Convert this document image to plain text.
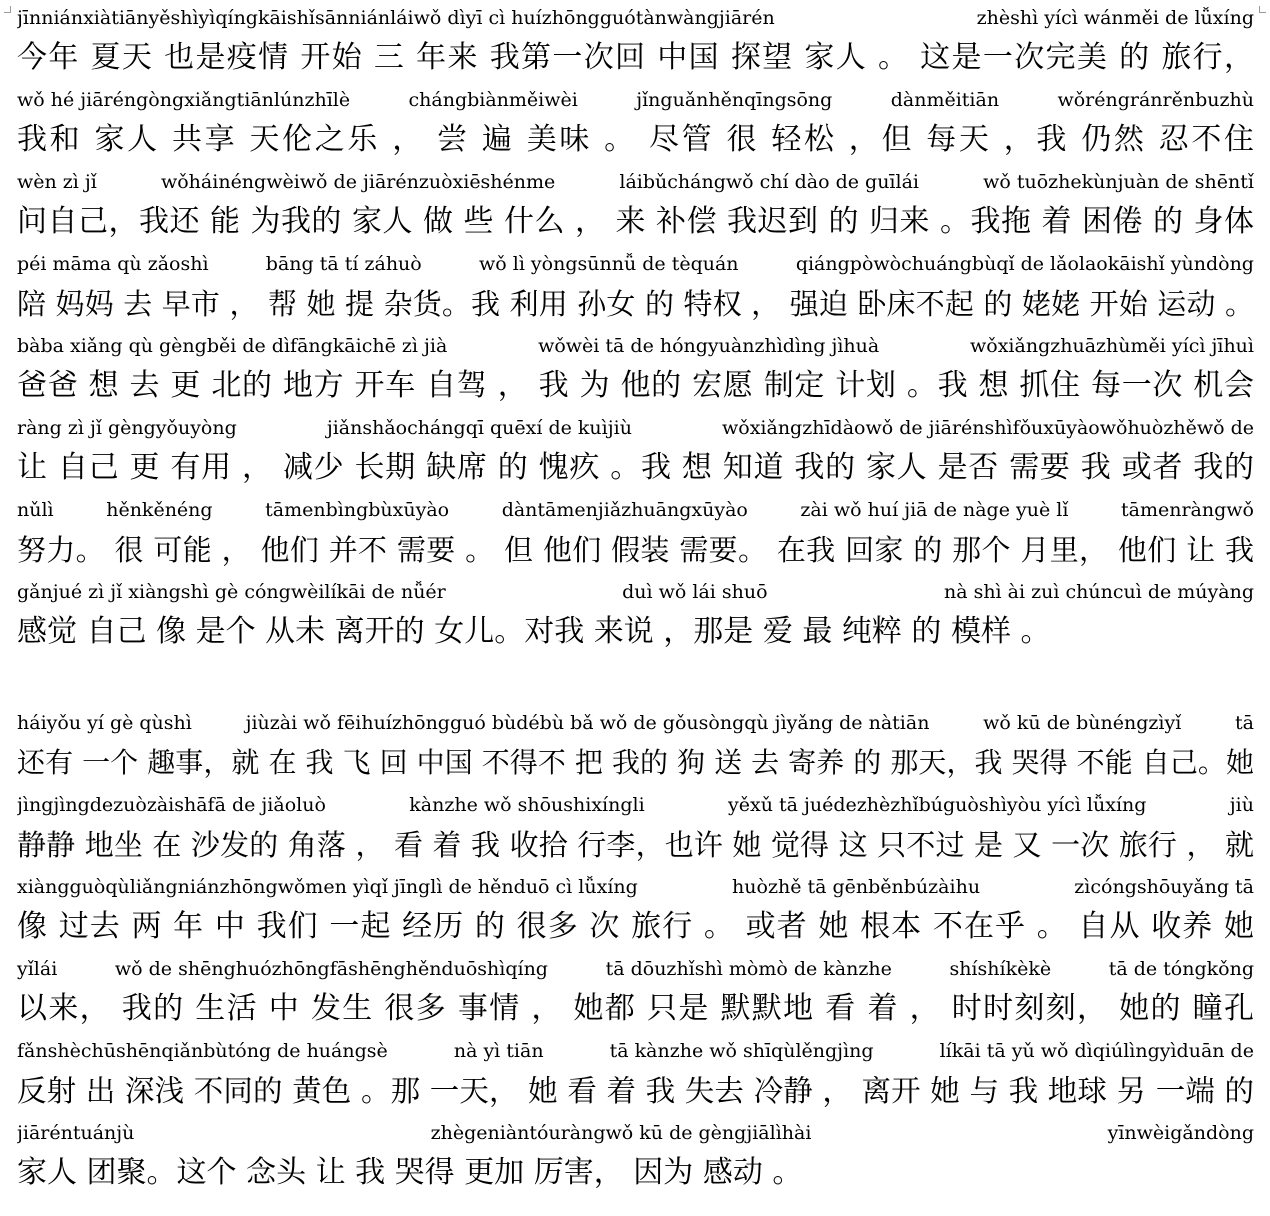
jīnniánxiàtiānyěshìyìqíngkāishǐsānniánláiwǒ dìyī cì huízhōngguótànwàngjiārén	zhèshì yícì wánměi de lǚxíng
今年 夏天 也是疫情 开始 三 年来 我第一次回 中国 探望 家人 。 这是一次完美 的 旅行，
wǒ hé jiāréngòngxiǎngtiānlúnzhīlè	chángbiànměiwèi	jǐnguǎnhěnqīngsōng	dànměitiān	wǒréngránrěnbuzhù
我和 家人 共享 天伦之乐 ， 尝 遍 美味 。 尽管 很 轻松 ，但 每天 ，我 仍然 忍不住
wèn zì jǐ	wǒháinéngwèiwǒ de jiārénzuòxiēshénme	láibǔchángwǒ chí dào de guīlái	wǒ tuōzhekùnjuàn de shēntǐ
问自己，我还 能 为我的 家人 做 些 什么 ， 来 补偿 我迟到 的 归来 。我拖 着 困倦 的 身体
péi māma qù zǎoshì	bāng tā tí záhuò	wǒ lì yòngsūnnǚ de tèquán	qiángpòwòchuángbùqǐ de lǎolaokāishǐ yùndòng
陪 妈妈 去 早市 ， 帮 她 提 杂货。我 利用 孙女 的 特权 ， 强迫 卧床不起 的 姥姥 开始 运动 。
bàba xiǎng qù gèngběi de dìfāngkāichē zì jià	wǒwèi tā de hóngyuànzhìdìng jìhuà	wǒxiǎngzhuāzhùměi yícì jīhuì
爸爸 想 去 更 北的 地方 开车 自驾 ， 我 为 他的 宏愿 制定 计划 。我 想 抓住 每一次 机会
ràng zì jǐ gèngyǒuyòng	jiǎnshǎochángqī quēxí de kuìjiù	wǒxiǎngzhīdàowǒ de jiārénshìfǒuxūyàowǒhuòzhěwǒ de
让 自己 更 有用 ， 减少 长期 缺席 的 愧疚 。我 想 知道 我的 家人 是否 需要 我 或者 我的
nǔlì	hěnkěnéng	tāmenbìngbùxūyào	dàntāmenjiǎzhuāngxūyào	zài wǒ huí jiā de nàge yuè lǐ	tāmenràngwǒ
努力。 很 可能 ， 他们 并不 需要 。 但 他们 假装 需要。 在我 回家 的 那个 月里， 他们 让 我
gǎnjué zì jǐ xiàngshì gè cóngwèilíkāi de nǚér	duì wǒ lái shuō	nà shì ài zuì chúncuì de múyàng
感觉 自己 像 是个 从未 离开的 女儿。对我 来说 ，那是 爱 最 纯粹 的 模样 。
háiyǒu yí gè qùshì	jiùzài wǒ fēihuízhōngguó bùdébù bǎ wǒ de gǒusòngqù jìyǎng de nàtiān	wǒ kū de bùnéngzìyǐ	tā
还有 一个 趣事，就 在 我 飞 回 中国 不得不 把 我的 狗 送 去 寄养 的 那天，我 哭得 不能 自己。她
jìngjìngdezuòzàishāfā de jiǎoluò	kànzhe wǒ shōushixíngli	yěxǔ tā juédezhèzhǐbúguòshìyòu yícì lǚxíng	jiù
静静 地坐 在 沙发的 角落 ， 看 着 我 收拾 行李，也许 她 觉得 这 只不过 是 又 一次 旅行 ， 就
xiàngguòqùliǎngniánzhōngwǒmen yìqǐ jīnglì de hěnduō cì lǚxíng	huòzhě tā gēnběnbúzàihu	zìcóngshōuyǎng tā
像 过去 两 年 中 我们 一起 经历 的 很多 次 旅行 。 或者 她 根本 不在乎 。 自从 收养 她
yǐlái	wǒ de shēnghuózhōngfāshēnghěnduōshìqíng	tā dōuzhǐshì mòmò de kànzhe	shíshíkèkè	tā de tóngkǒng
以来， 我的 生活 中 发生 很多 事情 ， 她都 只是 默默地 看 着 ， 时时刻刻， 她的 瞳孔
fǎnshèchūshēnqiǎnbùtóng de huángsè	nà yì tiān	tā kànzhe wǒ shīqùlěngjìng	líkāi tā yǔ wǒ dìqiúlìngyìduān de
反射 出 深浅 不同的 黄色 。那 一天， 她 看 着 我 失去 冷静 ， 离开 她 与 我 地球 另 一端 的
jiāréntuánjù	zhègeniàntóuràngwǒ kū de gèngjiālìhài	yīnwèigǎndòng
家人 团聚。这个 念头 让 我 哭得 更加 厉害， 因为 感动 。
